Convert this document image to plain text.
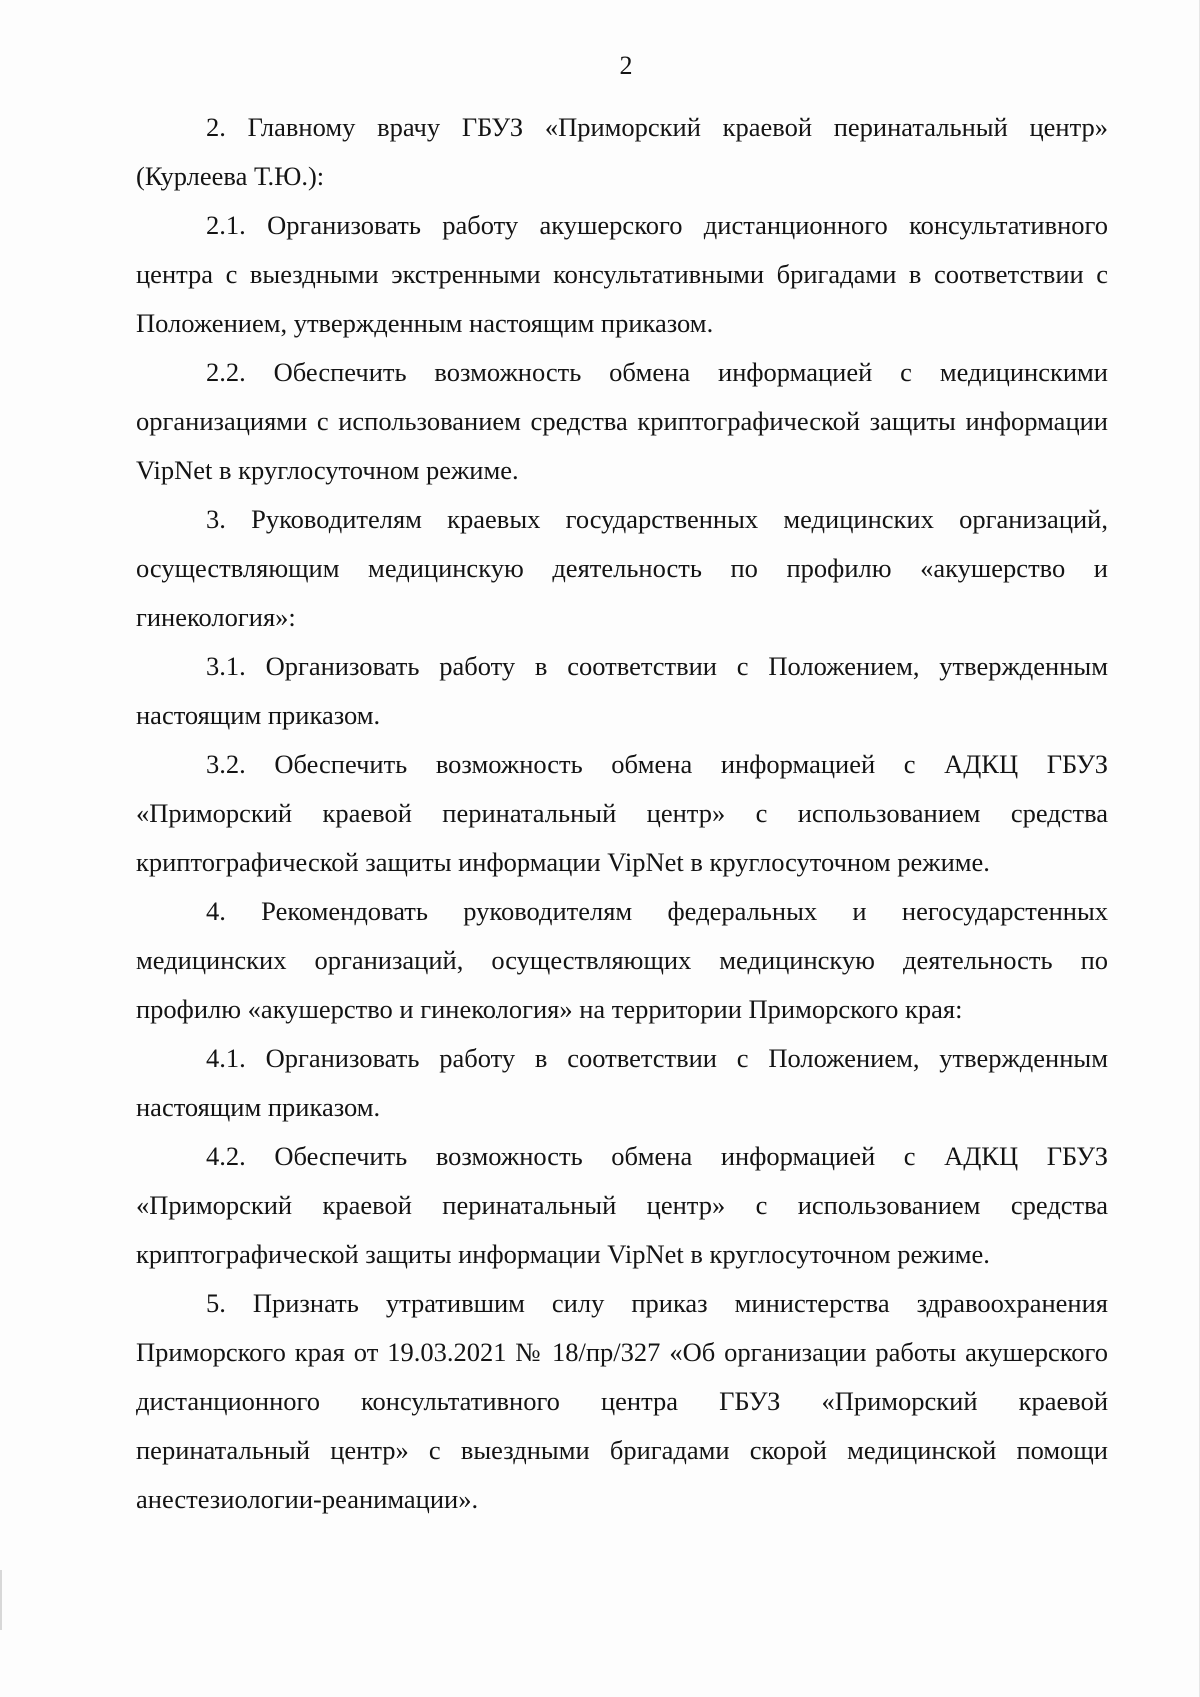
2

2. Главному врачу ГБУЗ «Приморский краевой перинатальный центр» (Курлеева Т.Ю.):

2.1. Организовать работу акушерского дистанционного консультативного центра с выездными экстренными консультативными бригадами в соответствии с Положением, утвержденным настоящим приказом.

2.2. Обеспечить возможность обмена информацией с медицинскими организациями с использованием средства криптографической защиты информации VipNet в круглосуточном режиме.

3. Руководителям краевых государственных медицинских организаций, осуществляющим медицинскую деятельность по профилю «акушерство и гинекология»:

3.1. Организовать работу в соответствии с Положением, утвержденным настоящим приказом.

3.2. Обеспечить возможность обмена информацией с АДКЦ ГБУЗ «Приморский краевой перинатальный центр» с использованием средства криптографической защиты информации VipNet в круглосуточном режиме.

4. Рекомендовать руководителям федеральных и негосударстенных медицинских организаций, осуществляющих медицинскую деятельность по профилю «акушерство и гинекология» на территории Приморского края:

4.1. Организовать работу в соответствии с Положением, утвержденным настоящим приказом.

4.2. Обеспечить возможность обмена информацией с АДКЦ ГБУЗ «Приморский краевой перинатальный центр» с использованием средства криптографической защиты информации VipNet в круглосуточном режиме.

5. Признать утратившим силу приказ министерства здравоохранения Приморского края от 19.03.2021 № 18/пр/327 «Об организации работы акушерского дистанционного консультативного центра ГБУЗ «Приморский краевой перинатальный центр» с выездными бригадами скорой медицинской помощи анестезиологии-реанимации».
